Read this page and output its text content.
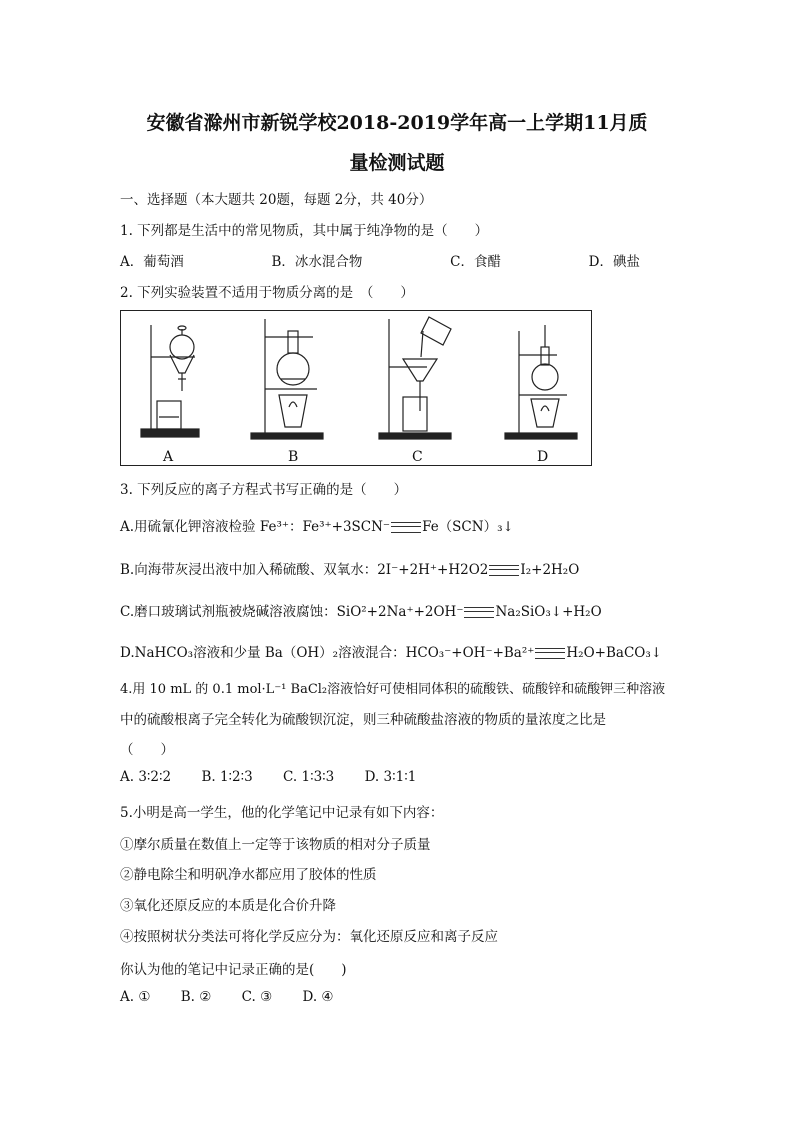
安徽省滁州市新锐学校2018-2019学年高一上学期11月质
量检测试题
一、选择题（本大题共 20题，每题 2分，共 40分）
1. 下列都是生活中的常见物质，其中属于纯净物的是（　　）
A．葡萄酒	B．冰水混合物	C．食醋	D．碘盐
2. 下列实验装置不适用于物质分离的是　（　　）
A	B	C	D
3. 下列反应的离子方程式书写正确的是（　　）
A.用硫氰化钾溶液检验 Fe³⁺：Fe³⁺+3SCN⁻ Fe（SCN）₃↓
B.向海带灰浸出液中加入稀硫酸、双氧水：2I⁻+2H⁺+H2O2 I₂+2H₂O
C.磨口玻璃试剂瓶被烧碱溶液腐蚀：SiO²+2Na⁺+2OH⁻ Na₂SiO₃↓+H₂O
D.NaHCO₃溶液和少量 Ba（OH）₂溶液混合：HCO₃⁻+OH⁻+Ba²⁺ H₂O+BaCO₃↓
4.用 10 mL 的 0.1 mol·L⁻¹ BaCl₂溶液恰好可使相同体积的硫酸铁、硫酸锌和硫酸钾三种溶液
中的硫酸根离子完全转化为硫酸钡沉淀，则三种硫酸盐溶液的物质的量浓度之比是
（　　）
A. 3∶2∶2 B. 1∶2∶3 C. 1∶3∶3 D. 3∶1∶1
5.小明是高一学生，他的化学笔记中记录有如下内容：
①摩尔质量在数值上一定等于该物质的相对分子质量
②静电除尘和明矾净水都应用了胶体的性质
③氧化还原反应的本质是化合价升降
④按照树状分类法可将化学反应分为：氧化还原反应和离子反应
你认为他的笔记中记录正确的是(　　)
A. ① B. ② C. ③ D. ④
